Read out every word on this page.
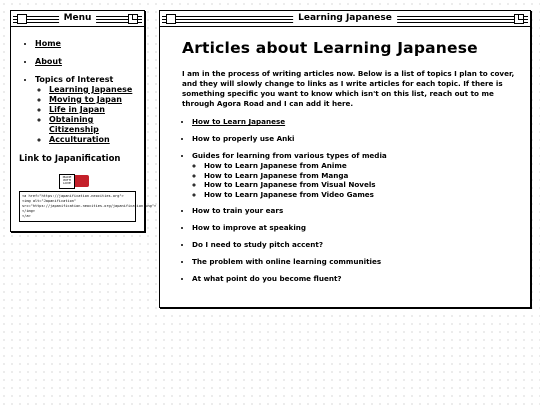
Menu
• Home
• About
• Topics of Interest
◦ Learning Japanese
◦ Moving to Japan
◦ Life in Japan
◦ Obtaining Citizenship
◦ Acculturation
Link to Japanification
MADE WITH LOVE
<a href="https://japanification.neocities.org">
<img alt="Japanification"
src="https://japanification.neocities.org/japanification.png">
</img>
</a>
Learning Japanese
Articles about Learning Japanese

I am in the process of writing articles now. Below is a list of topics I plan to cover, and they will slowly change to links as I write articles for each topic. If there is something specific you want to know which isn't on this list, reach out to me through Agora Road and I can add it here.

• How to Learn Japanese
• How to properly use Anki
• Guides for learning from various types of media
◦ How to Learn Japanese from Anime
◦ How to Learn Japanese from Manga
◦ How to Learn Japanese from Visual Novels
◦ How to Learn Japanese from Video Games
• How to train your ears
• How to improve at speaking
• Do I need to study pitch accent?
• The problem with online learning communities
• At what point do you become fluent?
